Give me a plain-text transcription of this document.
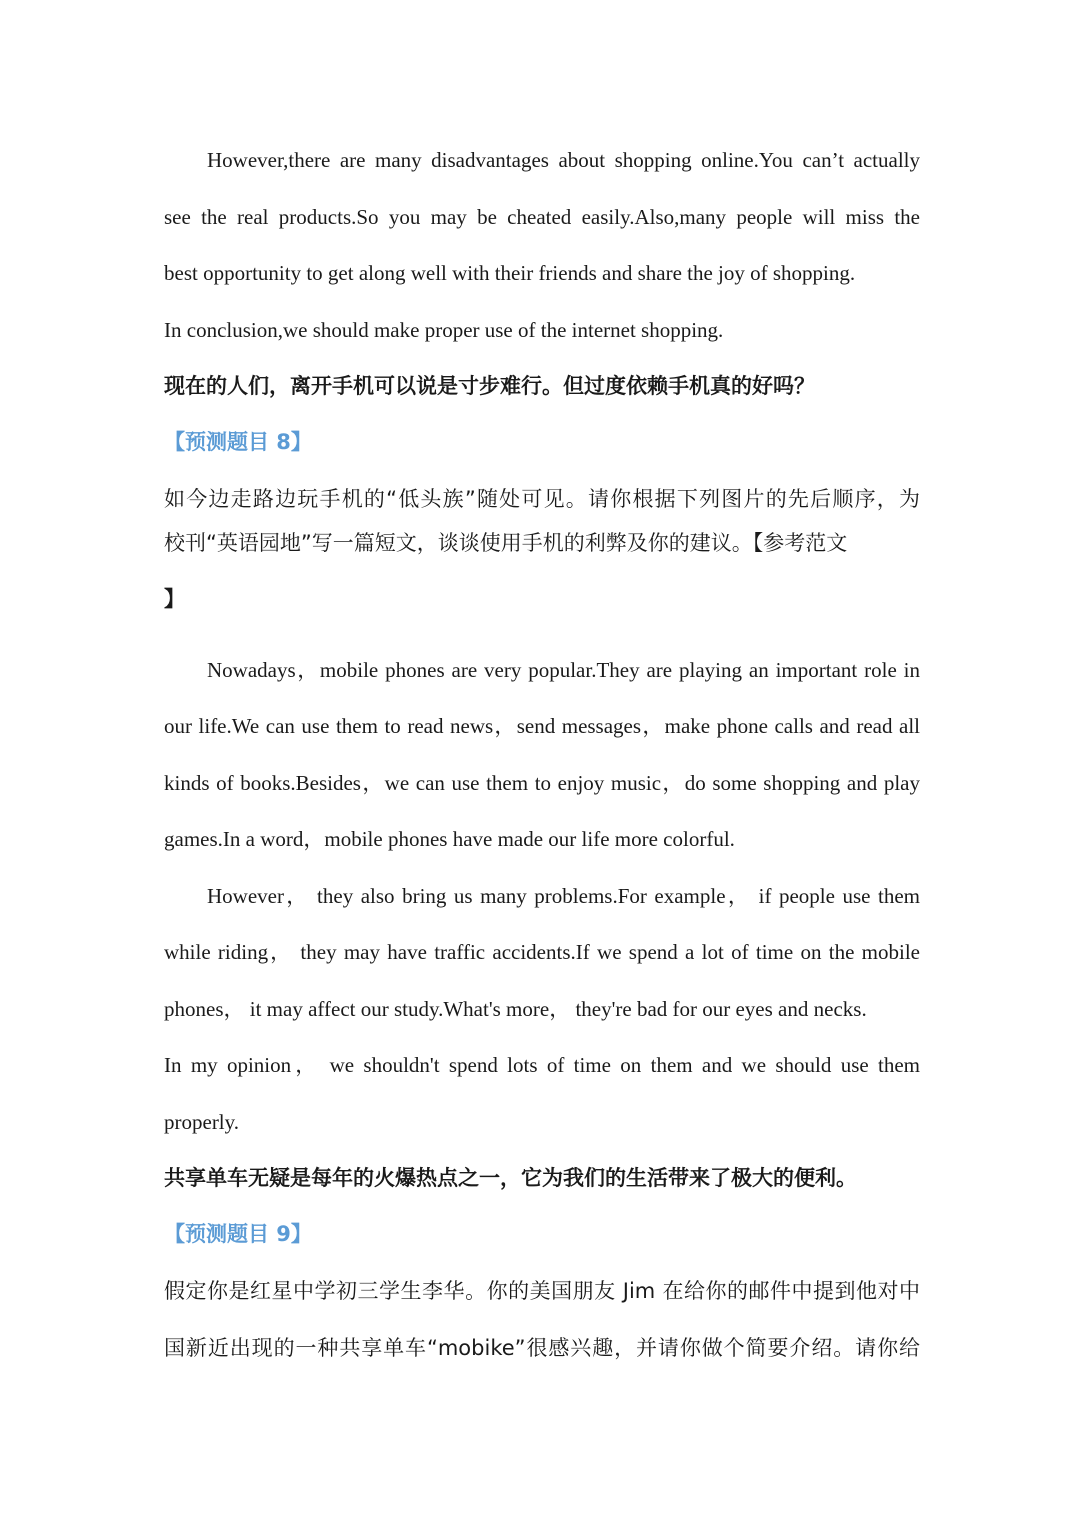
However,there are many disadvantages about shopping online.You can’t actually
see the real products.So you may be cheated easily.Also,many people will miss the
best opportunity to get along well with their friends and share the joy of shopping.
In conclusion,we should make proper use of the internet shopping.
现在的人们，离开手机可以说是寸步难行。但过度依赖手机真的好吗？
【预测题目 8】
如今边走路边玩手机的“低头族”随处可见。请你根据下列图片的先后顺序，为
校刊“英语园地”写一篇短文，谈谈使用手机的利弊及你的建议。【参考范文
】
Nowadays，mobile phones are very popular.They are playing an important role in
our life.We can use them to read news，send messages，make phone calls and read all
kinds of books.Besides，we can use them to enjoy music，do some shopping and play
games.In a word，mobile phones have made our life more colorful.
However， they also bring us many problems.For example， if people use them
while riding， they may have traffic accidents.If we spend a lot of time on the mobile
phones， it may affect our study.What's more， they're bad for our eyes and necks.
In my opinion， we shouldn't spend lots of time on them and we should use them
properly.
共享单车无疑是每年的火爆热点之一，它为我们的生活带来了极大的便利。
【预测题目 9】
假定你是红星中学初三学生李华。你的美国朋友 Jim 在给你的邮件中提到他对中
国新近出现的一种共享单车“mobike”很感兴趣，并请你做个简要介绍。请你给
